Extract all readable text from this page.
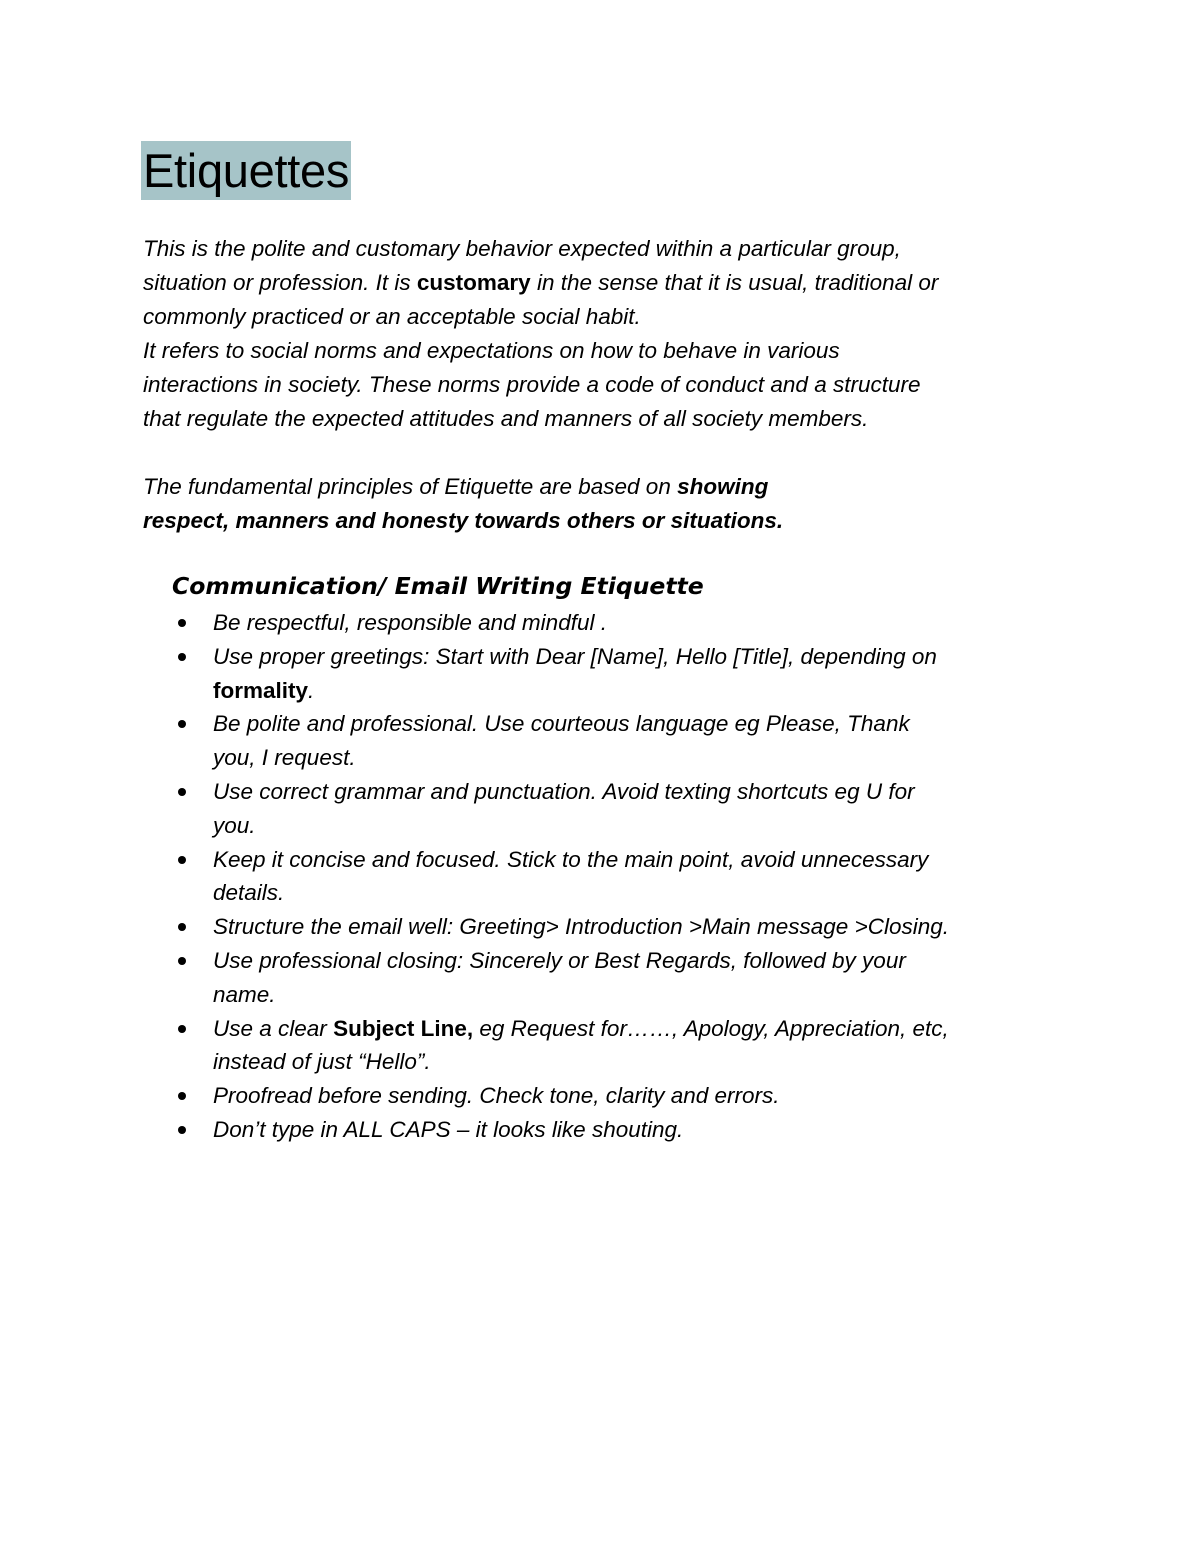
Etiquettes

This is the polite and customary behavior expected within a particular group,

situation or profession. It is customary in the sense that it is usual, traditional or

commonly practiced or an acceptable social habit.

It refers to social norms and expectations on how to behave in various

interactions in society. These norms provide a code of conduct and a structure

that regulate the expected attitudes and manners of all society members.

The fundamental principles of Etiquette are based on showing

respect, manners and honesty towards others or situations.

Communication/ Email Writing Etiquette
Be respectful, responsible and mindful .
Use proper greetings: Start with Dear [Name], Hello [Title], depending on
formality.
Be polite and professional. Use courteous language eg Please, Thank
you, I request.
Use correct grammar and punctuation. Avoid texting shortcuts eg U for
you.
Keep it concise and focused. Stick to the main point, avoid unnecessary
details.
Structure the email well: Greeting> Introduction >Main message >Closing.
Use professional closing: Sincerely or Best Regards, followed by your
name.
Use a clear Subject Line, eg Request for……, Apology, Appreciation, etc,
instead of just “Hello”.
Proofread before sending. Check tone, clarity and errors.
Don’t type in ALL CAPS – it looks like shouting.
